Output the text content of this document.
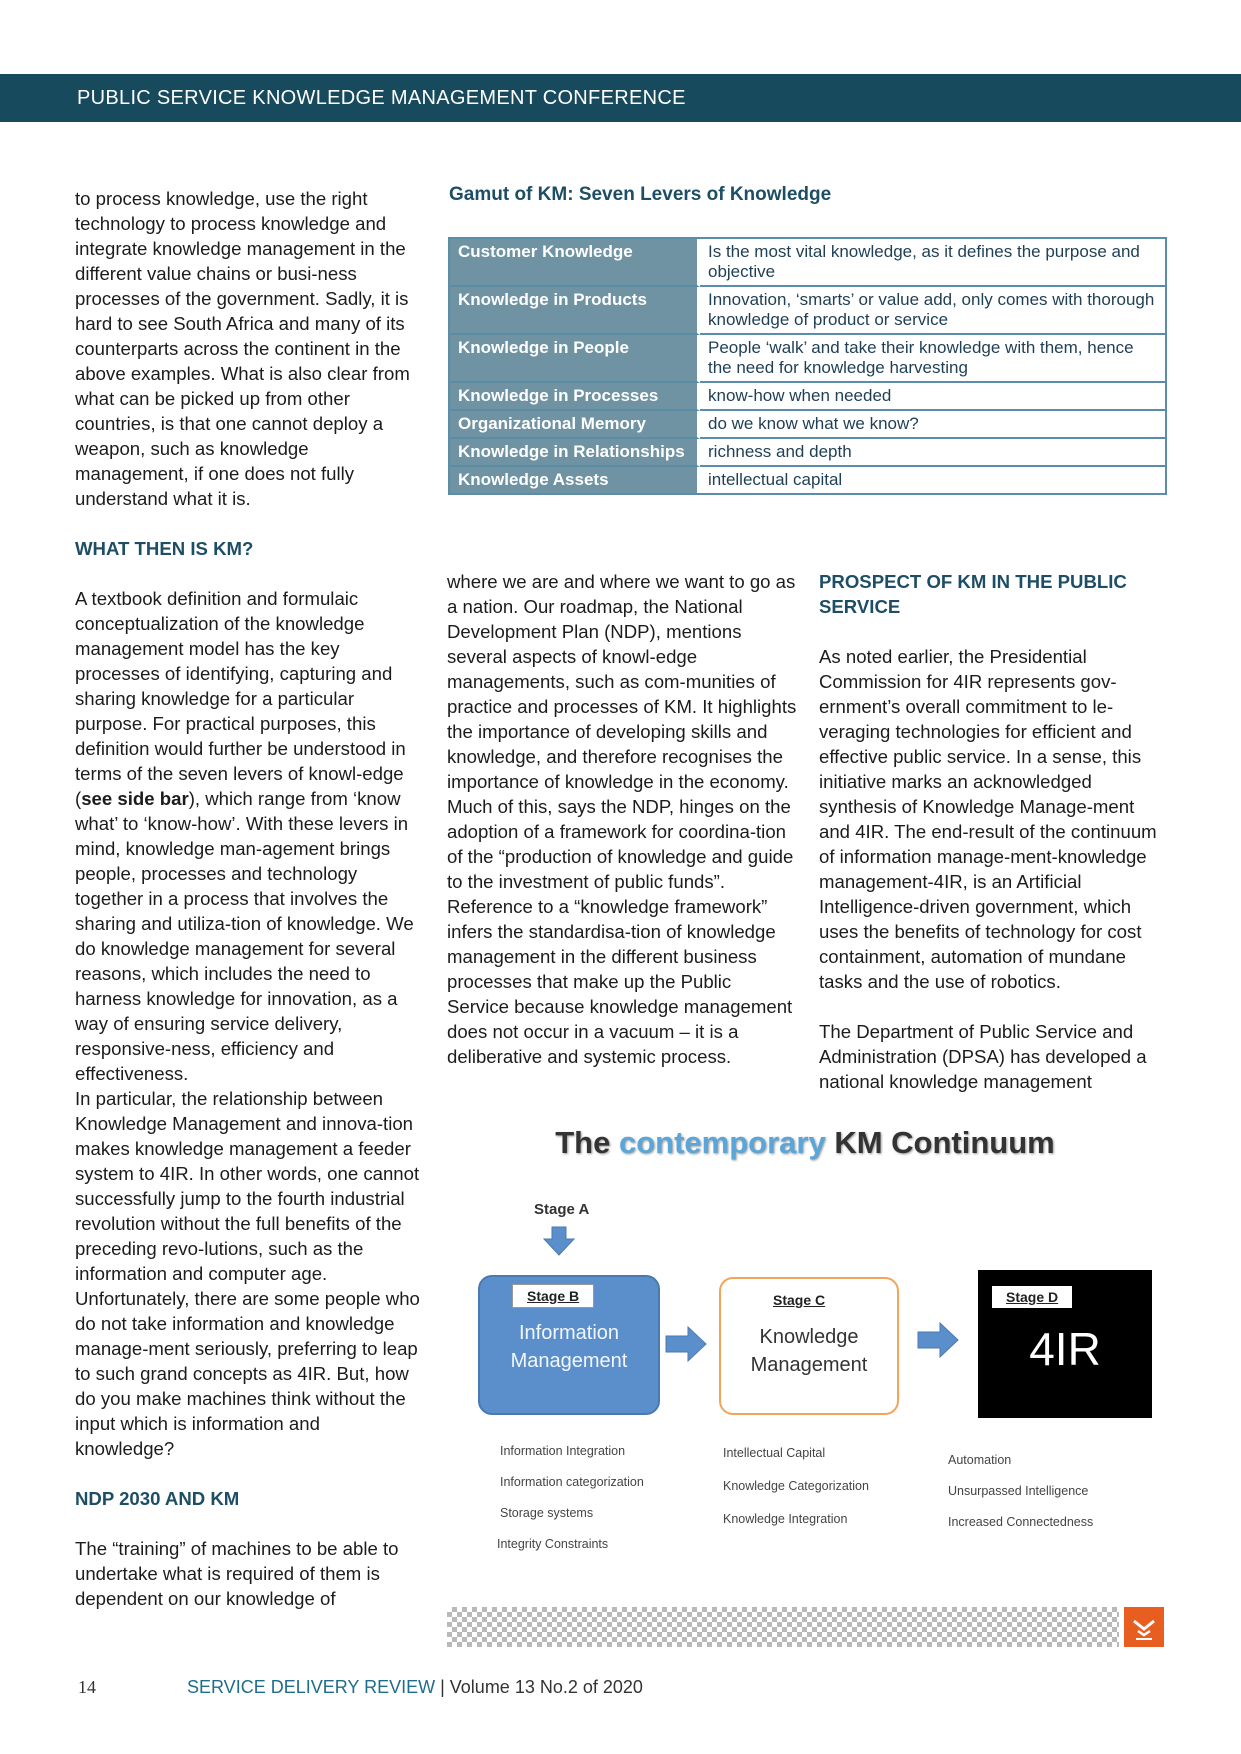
PUBLIC SERVICE KNOWLEDGE MANAGEMENT CONFERENCE

to process knowledge, use the right technology to process knowledge and integrate knowledge management in the different value chains or busi-ness processes of the government. Sadly, it is hard to see South Africa and many of its counterparts across the continent in the above examples. What is also clear from what can be picked up from other countries, is that one cannot deploy a weapon, such as knowledge management, if one does not fully understand what it is.

WHAT THEN IS KM?

A textbook definition and formulaic conceptualization of the knowledge management model has the key processes of identifying, capturing and sharing knowledge for a particular purpose. For practical purposes, this definition would further be understood in terms of the seven levers of knowl-edge (see side bar), which range from ‘know what’ to ‘know-how’. With these levers in mind, knowledge man-agement brings people, processes and technology together in a process that involves the sharing and utiliza-tion of knowledge. We do knowledge management for several reasons, which includes the need to harness knowledge for innovation, as a way of ensuring service delivery, responsive-ness, efficiency and effectiveness.

In particular, the relationship between Knowledge Management and innova-tion makes knowledge management a feeder system to 4IR. In other words, one cannot successfully jump to the fourth industrial revolution without the full benefits of the preceding revo-lutions, such as the information and computer age. Unfortunately, there are some people who do not take information and knowledge manage-ment seriously, preferring to leap to such grand concepts as 4IR. But, how do you make machines think without the input which is information and knowledge?

NDP 2030 AND KM

The “training” of machines to be able to undertake what is required of them is dependent on our knowledge of

Gamut of KM: Seven Levers of Knowledge
Customer Knowledge	Is the most vital knowledge, as it defines the purpose and objective
Knowledge in Products	Innovation, ‘smarts’ or value add, only comes with thorough knowledge of product or service
Knowledge in People	People ‘walk’ and take their knowledge with them, hence the need for knowledge harvesting
Knowledge in Processes	know-how when needed
Organizational Memory	do we know what we know?
Knowledge in Relationships	richness and depth
Knowledge Assets	intellectual capital

where we are and where we want to go as a nation. Our roadmap, the National Development Plan (NDP), mentions several aspects of knowl-edge managements, such as com-munities of practice and processes of KM. It highlights the importance of developing skills and knowledge, and therefore recognises the importance of knowledge in the economy. Much of this, says the NDP, hinges on the adoption of a framework for coordina-tion of the “production of knowledge and guide to the investment of public funds”. Reference to a “knowledge framework” infers the standardisa-tion of knowledge management in the different business processes that make up the Public Service because knowledge management does not occur in a vacuum – it is a deliberative and systemic process.

PROSPECT OF KM IN THE PUBLIC SERVICE

As noted earlier, the Presidential Commission for 4IR represents gov-ernment’s overall commitment to le-veraging technologies for efficient and effective public service. In a sense, this initiative marks an acknowledged synthesis of Knowledge Manage-ment and 4IR. The end-result of the continuum of information manage-ment-knowledge management-4IR, is an Artificial Intelligence-driven government, which uses the benefits of technology for cost containment, automation of mundane tasks and the use of robotics.

The Department of Public Service and Administration (DPSA) has developed a national knowledge management

The contemporary KM Continuum
Stage A
Stage B
Information
Management
Stage C
Knowledge
Management
Stage D
4IR
Information Integration
Information categorization
Storage systems
Integrity Constraints
Intellectual Capital
Knowledge Categorization
Knowledge Integration
Automation
Unsurpassed Intelligence
Increased Connectedness
14	SERVICE DELIVERY REVIEW | Volume 13 No.2 of 2020
